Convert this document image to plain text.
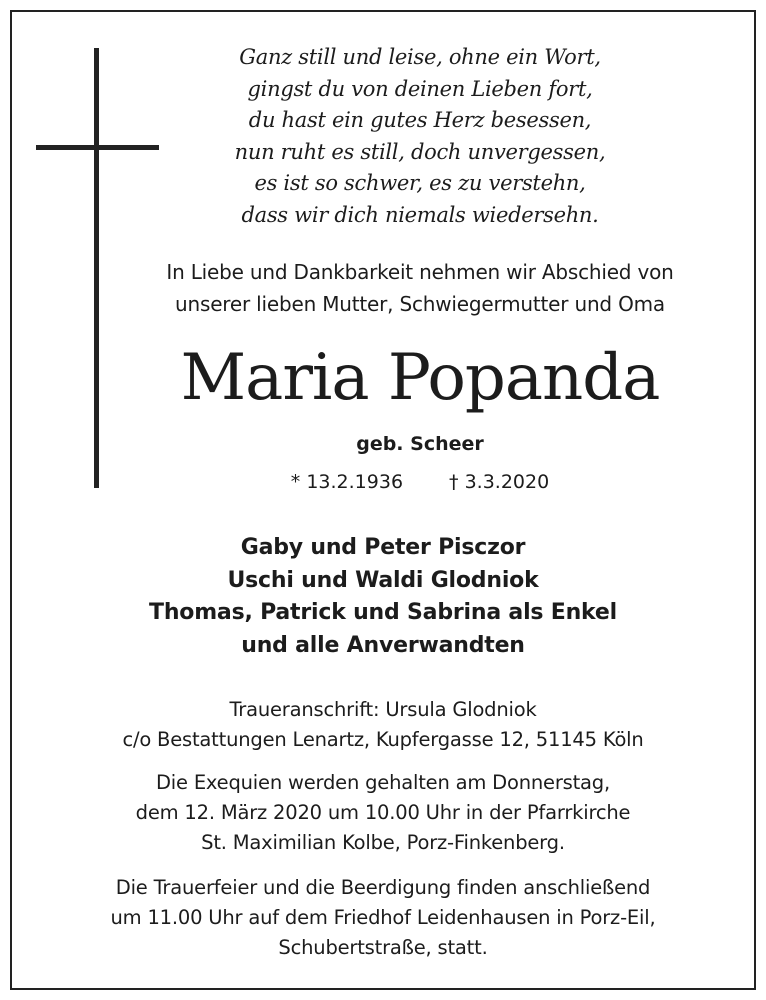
Ganz still und leise, ohne ein Wort,
gingst du von deinen Lieben fort,
du hast ein gutes Herz besessen,
nun ruht es still, doch unvergessen,
es ist so schwer, es zu verstehn,
dass wir dich niemals wiedersehn.
In Liebe und Dankbarkeit nehmen wir Abschied von
unserer lieben Mutter, Schwiegermutter und Oma
Maria Popanda
geb. Scheer
* 13.2.1936 † 3.3.2020
Gaby und Peter Pisczor
Uschi und Waldi Glodniok
Thomas, Patrick und Sabrina als Enkel
und alle Anverwandten
Traueranschrift: Ursula Glodniok
c/o Bestattungen Lenartz, Kupfergasse 12, 51145 Köln
Die Exequien werden gehalten am Donnerstag,
dem 12. März 2020 um 10.00 Uhr in der Pfarrkirche
St. Maximilian Kolbe, Porz-Finkenberg.
Die Trauerfeier und die Beerdigung finden anschließend
um 11.00 Uhr auf dem Friedhof Leidenhausen in Porz-Eil,
Schubertstraße, statt.
